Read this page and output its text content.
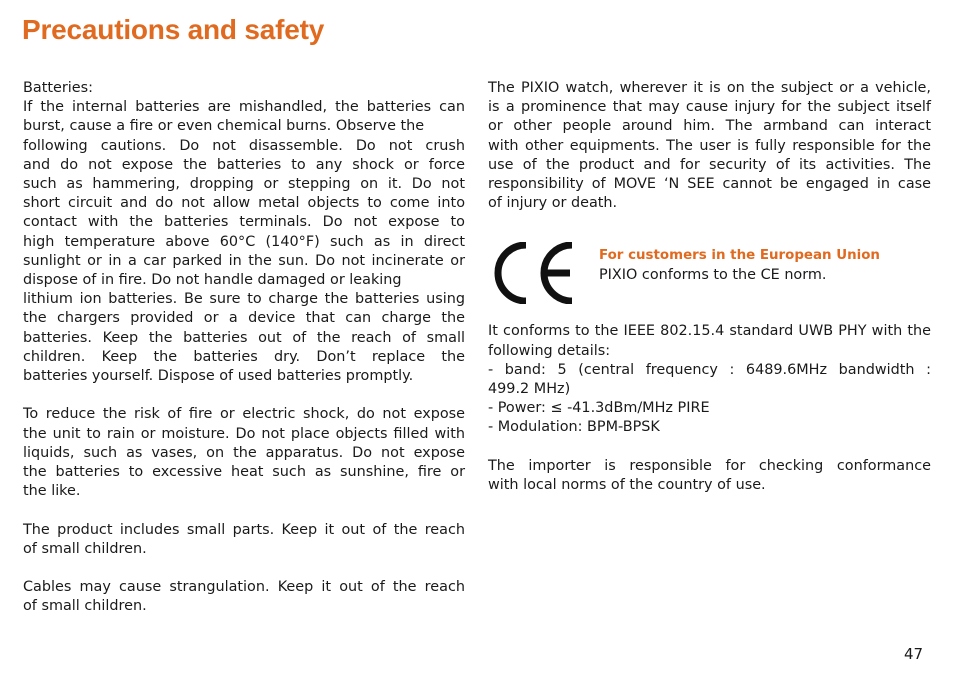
Precautions and safety
Batteries:
If the internal batteries are mishandled, the batteries can
burst, cause a fire or even chemical burns. Observe the
following cautions. Do not disassemble. Do not crush
and do not expose the batteries to any shock or force
such as hammering, dropping or stepping on it. Do not
short circuit and do not allow metal objects to come into
contact with the batteries terminals. Do not expose to
high temperature above 60°C (140°F) such as in direct
sunlight or in a car parked in the sun. Do not incinerate or
dispose of in fire. Do not handle damaged or leaking
lithium ion batteries. Be sure to charge the batteries using
the chargers provided or a device that can charge the
batteries. Keep the batteries out of the reach of small
children. Keep the batteries dry. Don’t replace the
batteries yourself. Dispose of used batteries promptly.
To reduce the risk of fire or electric shock, do not expose
the unit to rain or moisture. Do not place objects filled with
liquids, such as vases, on the apparatus. Do not expose
the batteries to excessive heat such as sunshine, fire or
the like.
The product includes small parts. Keep it out of the reach
of small children.
Cables may cause strangulation. Keep it out of the reach
of small children.
The PIXIO watch, wherever it is on the subject or a vehicle,
is a prominence that may cause injury for the subject itself
or other people around him. The armband can interact
with other equipments. The user is fully responsible for the
use of the product and for security of its activities. The
responsibility of MOVE ‘N SEE cannot be engaged in case
of injury or death.
For customers in the European Union
PIXIO conforms to the CE norm.
It conforms to the IEEE 802.15.4 standard UWB PHY with the
following details:
- band: 5 (central frequency : 6489.6MHz bandwidth :
499.2 MHz)
- Power: ≤ -41.3dBm/MHz PIRE
- Modulation: BPM-BPSK
The importer is responsible for checking conformance
with local norms of the country of use.
47
